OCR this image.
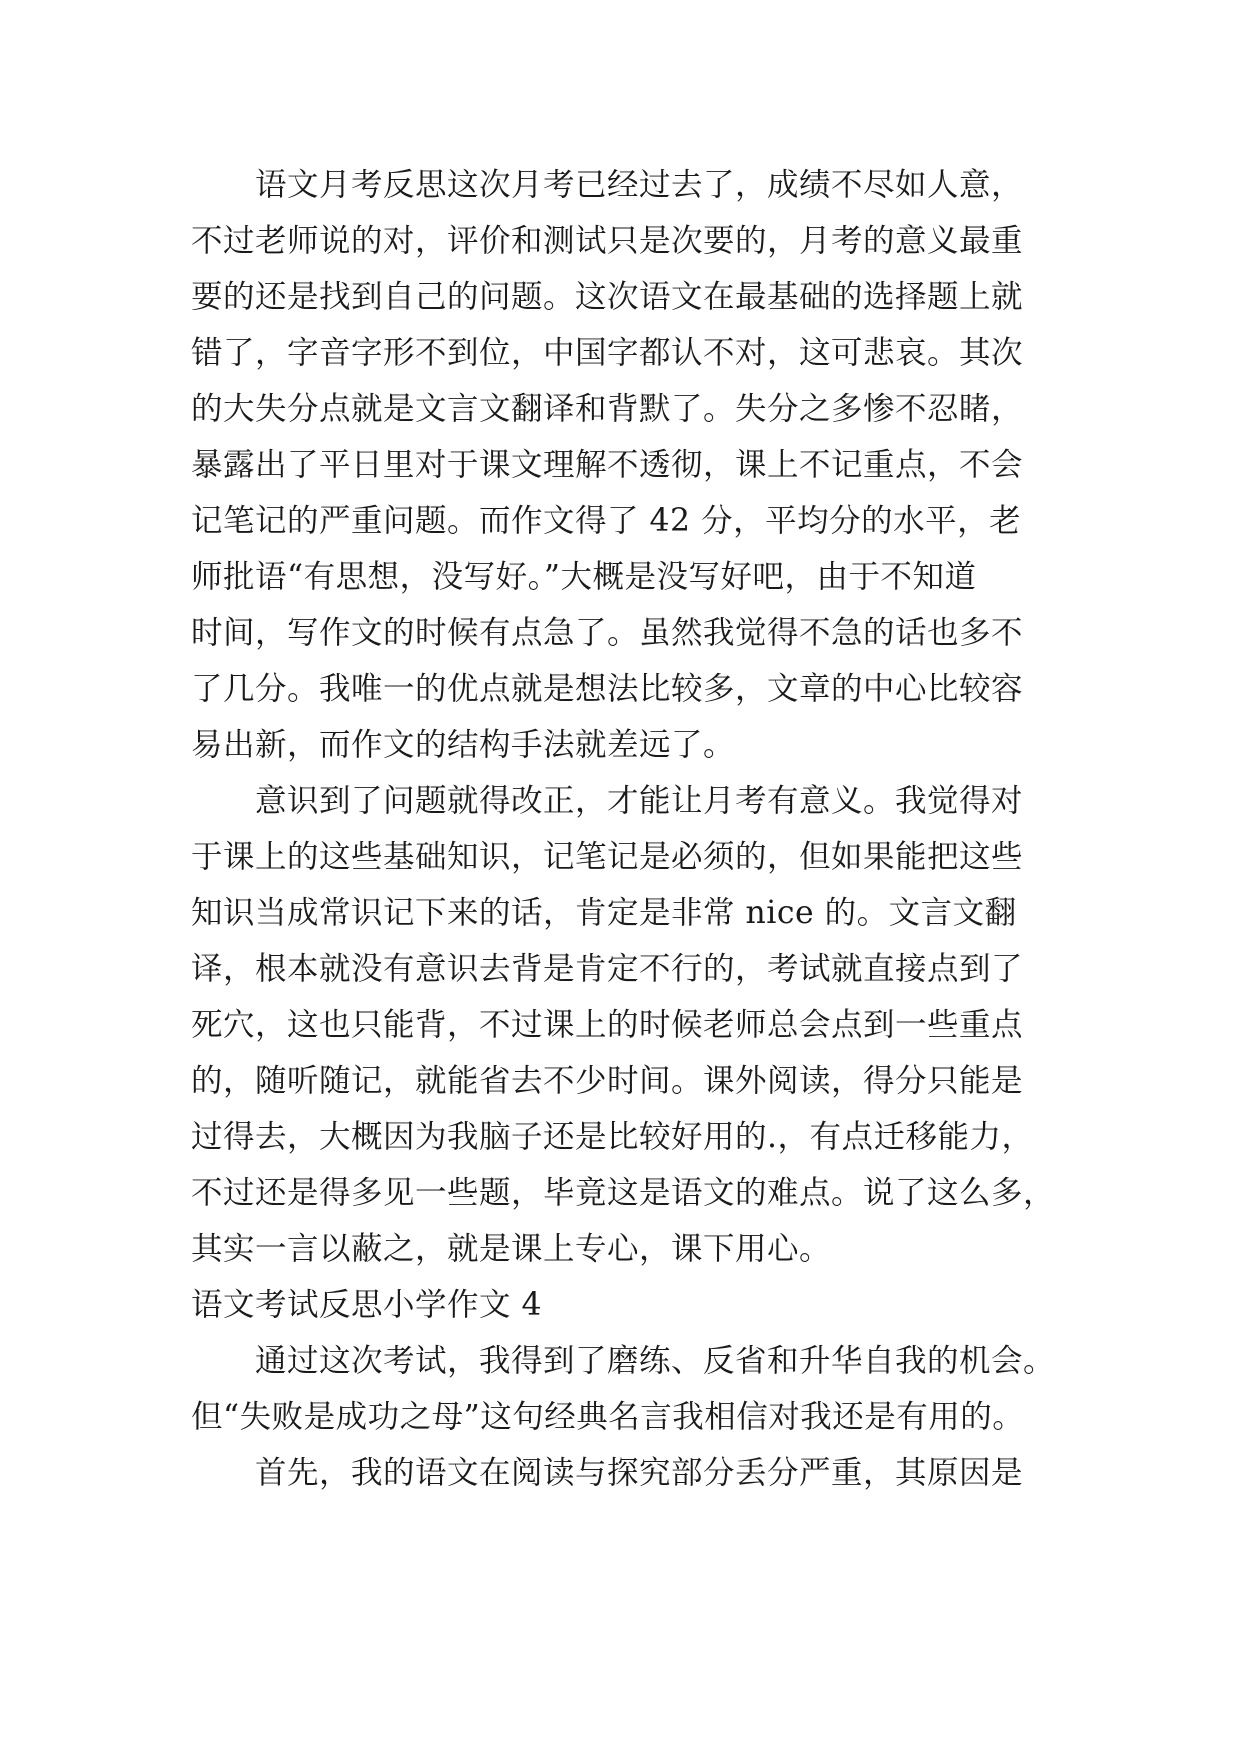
语文月考反思这次月考已经过去了，成绩不尽如人意，
不过老师说的对，评价和测试只是次要的，月考的意义最重
要的还是找到自己的问题。这次语文在最基础的选择题上就
错了，字音字形不到位，中国字都认不对，这可悲哀。其次
的大失分点就是文言文翻译和背默了。失分之多惨不忍睹，
暴露出了平日里对于课文理解不透彻，课上不记重点，不会
记笔记的严重问题。而作文得了 42 分，平均分的水平，老
师批语“有思想，没写好。”大概是没写好吧，由于不知道
时间，写作文的时候有点急了。虽然我觉得不急的话也多不
了几分。我唯一的优点就是想法比较多，文章的中心比较容
易出新，而作文的结构手法就差远了。
意识到了问题就得改正，才能让月考有意义。我觉得对
于课上的这些基础知识，记笔记是必须的，但如果能把这些
知识当成常识记下来的话，肯定是非常 nice 的。文言文翻
译，根本就没有意识去背是肯定不行的，考试就直接点到了
死穴，这也只能背，不过课上的时候老师总会点到一些重点
的，随听随记，就能省去不少时间。课外阅读，得分只能是
过得去，大概因为我脑子还是比较好用的.，有点迁移能力，
不过还是得多见一些题，毕竟这是语文的难点。说了这么多，
其实一言以蔽之，就是课上专心，课下用心。
语文考试反思小学作文 4
通过这次考试，我得到了磨练、反省和升华自我的机会。
但“失败是成功之母”这句经典名言我相信对我还是有用的。
首先，我的语文在阅读与探究部分丢分严重，其原因是
